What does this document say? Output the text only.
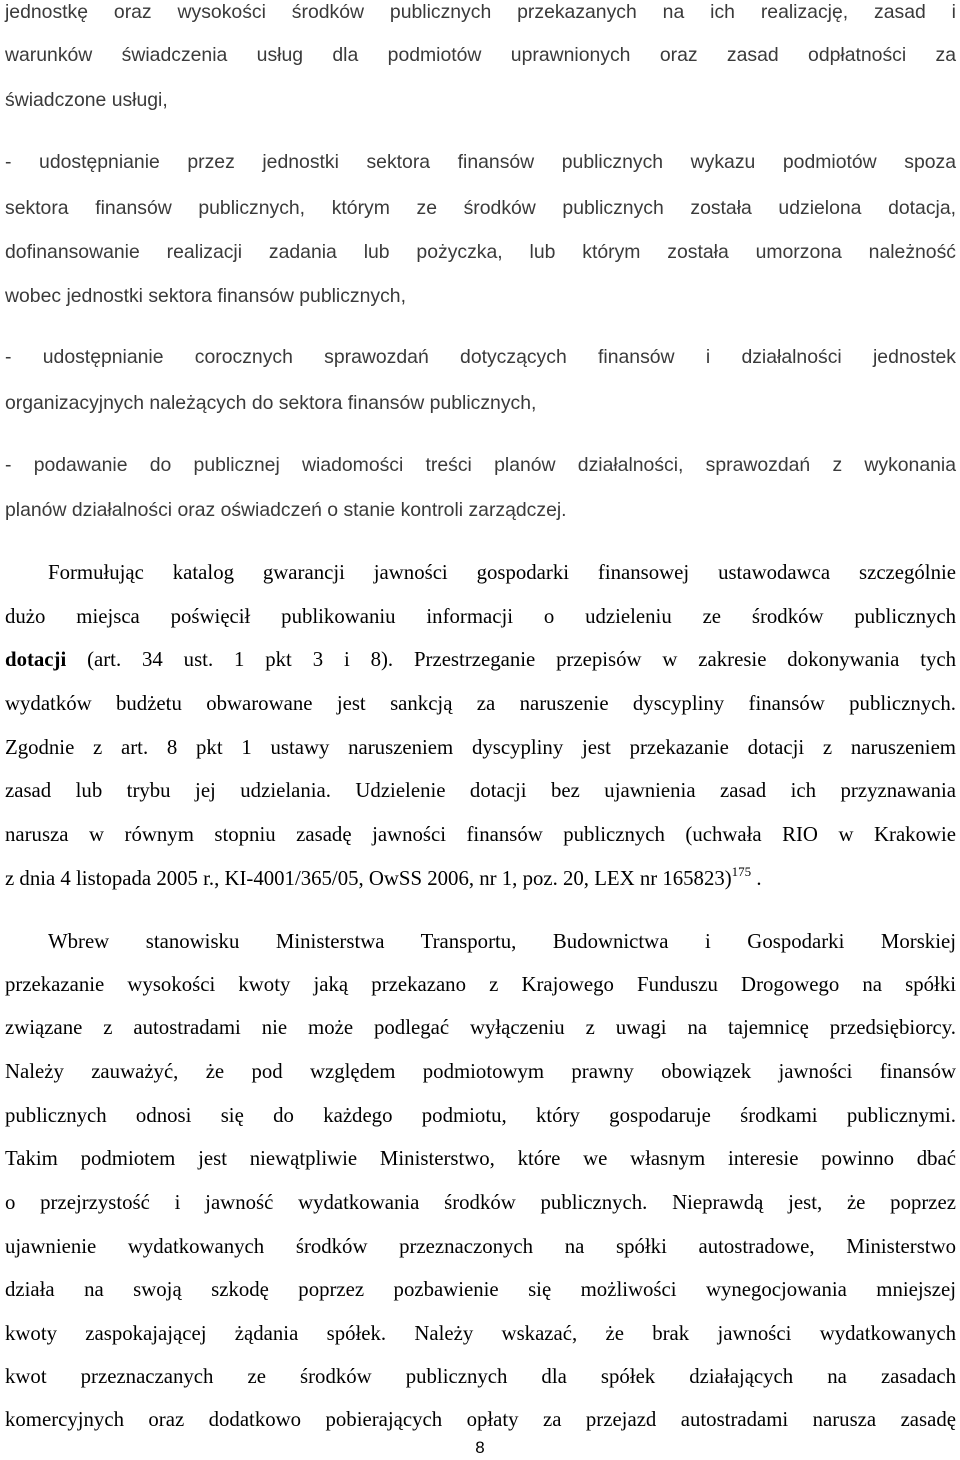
jednostkę oraz wysokości środków publicznych przekazanych na ich realizację, zasad i
warunków świadczenia usług dla podmiotów uprawnionych oraz zasad odpłatności za
świadczone usługi,
- udostępnianie przez jednostki sektora finansów publicznych wykazu podmiotów spoza
sektora finansów publicznych, którym ze środków publicznych została udzielona dotacja,
dofinansowanie realizacji zadania lub pożyczka, lub którym została umorzona należność
wobec jednostki sektora finansów publicznych,
- udostępnianie corocznych sprawozdań dotyczących finansów i działalności jednostek
organizacyjnych należących do sektora finansów publicznych,
- podawanie do publicznej wiadomości treści planów działalności, sprawozdań z wykonania
planów działalności oraz oświadczeń o stanie kontroli zarządczej.
Formułując katalog gwarancji jawności gospodarki finansowej ustawodawca szczególnie
dużo miejsca poświęcił publikowaniu informacji o udzieleniu ze środków publicznych
dotacji (art. 34 ust. 1 pkt 3 i 8). Przestrzeganie przepisów w zakresie dokonywania tych
wydatków budżetu obwarowane jest sankcją za naruszenie dyscypliny finansów publicznych.
Zgodnie z art. 8 pkt 1 ustawy naruszeniem dyscypliny jest przekazanie dotacji z naruszeniem
zasad lub trybu jej udzielania. Udzielenie dotacji bez ujawnienia zasad ich przyznawania
narusza w równym stopniu zasadę jawności finansów publicznych (uchwała RIO w Krakowie
z dnia 4 listopada 2005 r., KI-4001/365/05, OwSS 2006, nr 1, poz. 20, LEX nr 165823)$^{175}$ .
Wbrew stanowisku Ministerstwa Transportu, Budownictwa i Gospodarki Morskiej
przekazanie wysokości kwoty jaką przekazano z Krajowego Funduszu Drogowego na spółki
związane z autostradami nie może podlegać wyłączeniu z uwagi na tajemnicę przedsiębiorcy.
Należy zauważyć, że pod względem podmiotowym prawny obowiązek jawności finansów
publicznych odnosi się do każdego podmiotu, który gospodaruje środkami publicznymi.
Takim podmiotem jest niewątpliwie Ministerstwo, które we własnym interesie powinno dbać
o przejrzystość i jawność wydatkowania środków publicznych. Nieprawdą jest, że poprzez
ujawnienie wydatkowanych środków przeznaczonych na spółki autostradowe, Ministerstwo
działa na swoją szkodę poprzez pozbawienie się możliwości wynegocjowania mniejszej
kwoty zaspokajającej żądania spółek. Należy wskazać, że brak jawności wydatkowanych
kwot przeznaczanych ze środków publicznych dla spółek działających na zasadach
komercyjnych oraz dodatkowo pobierających opłaty za przejazd autostradami narusza zasadę
8
